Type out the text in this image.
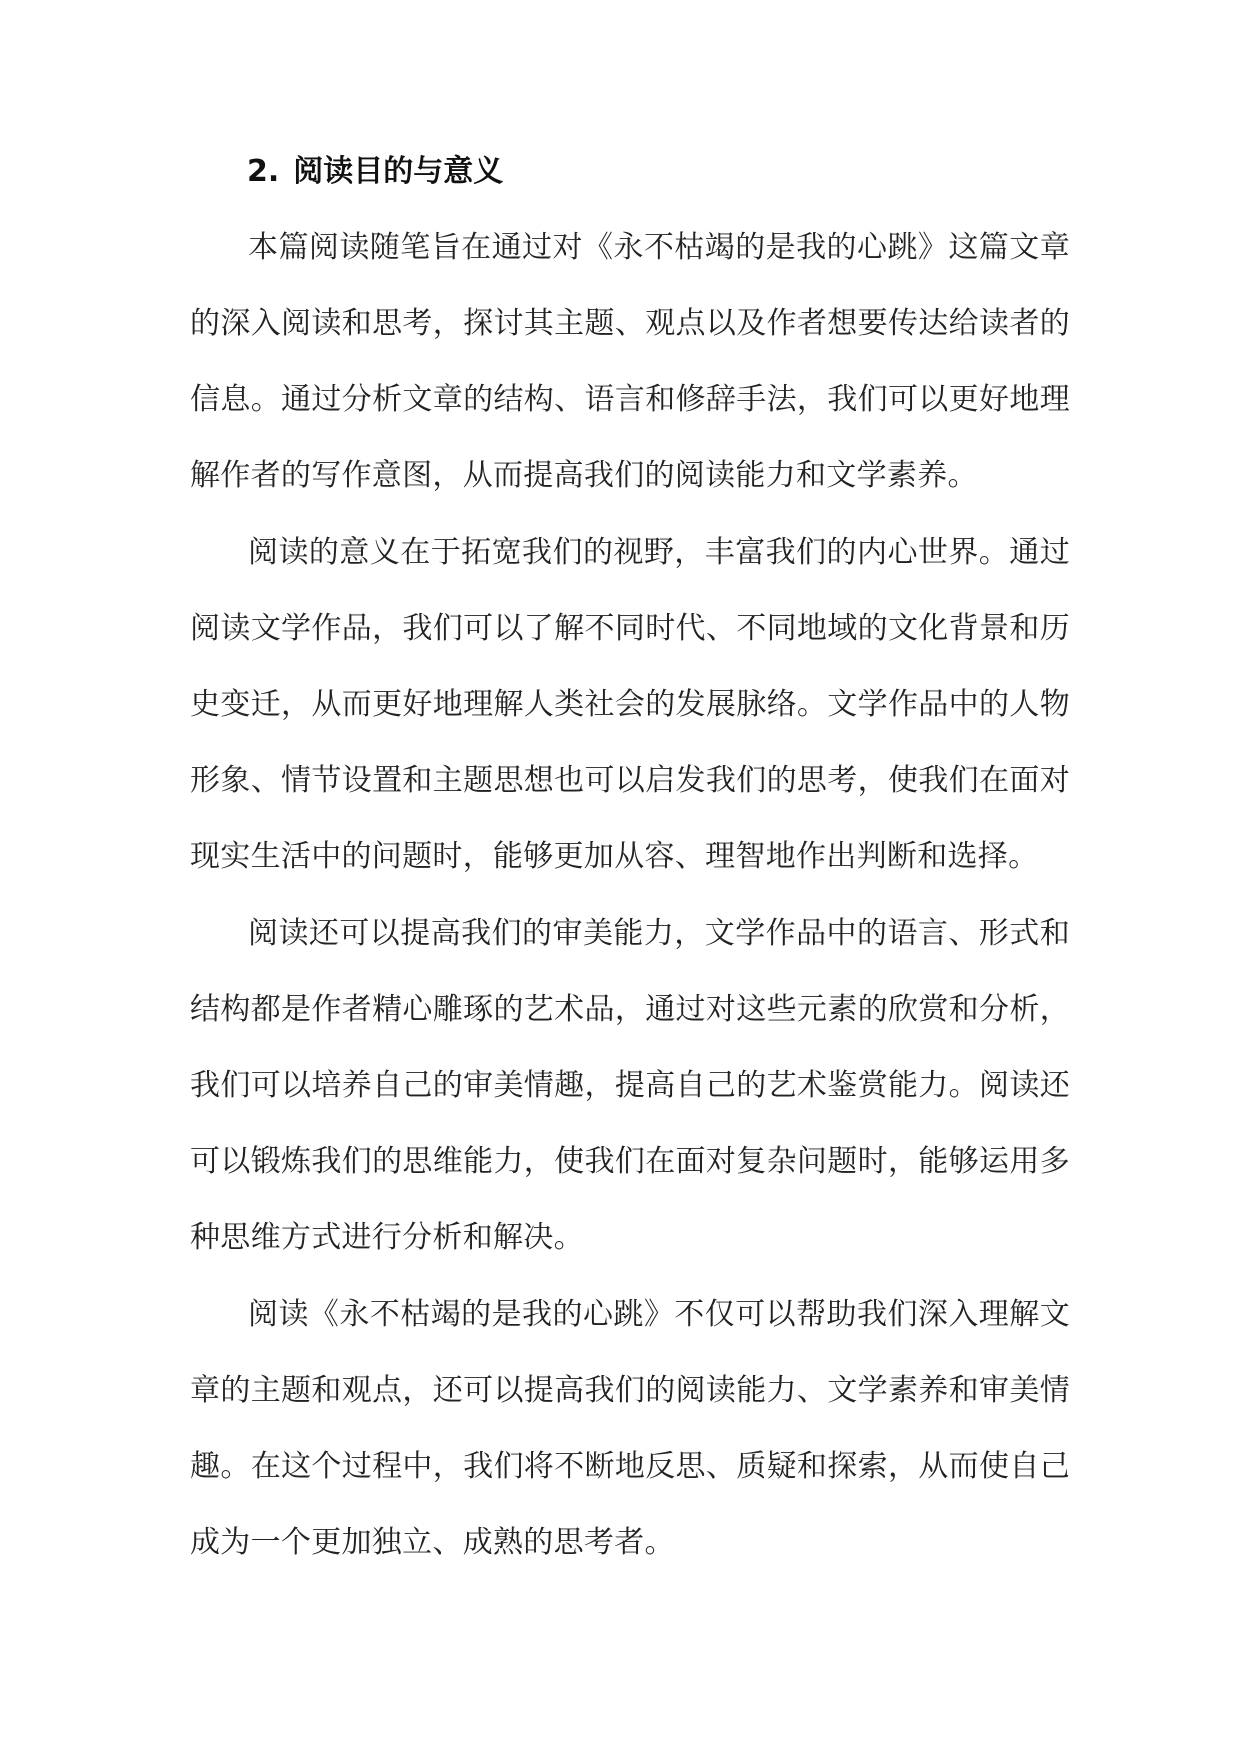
2. 阅读目的与意义

本篇阅读随笔旨在通过对《永不枯竭的是我的心跳》这篇文章的深入阅读和思考，探讨其主题、观点以及作者想要传达给读者的信息。通过分析文章的结构、语言和修辞手法，我们可以更好地理解作者的写作意图，从而提高我们的阅读能力和文学素养。

阅读的意义在于拓宽我们的视野，丰富我们的内心世界。通过阅读文学作品，我们可以了解不同时代、不同地域的文化背景和历史变迁，从而更好地理解人类社会的发展脉络。文学作品中的人物形象、情节设置和主题思想也可以启发我们的思考，使我们在面对现实生活中的问题时，能够更加从容、理智地作出判断和选择。

阅读还可以提高我们的审美能力，文学作品中的语言、形式和结构都是作者精心雕琢的艺术品，通过对这些元素的欣赏和分析，我们可以培养自己的审美情趣，提高自己的艺术鉴赏能力。阅读还可以锻炼我们的思维能力，使我们在面对复杂问题时，能够运用多种思维方式进行分析和解决。

阅读《永不枯竭的是我的心跳》不仅可以帮助我们深入理解文章的主题和观点，还可以提高我们的阅读能力、文学素养和审美情趣。在这个过程中，我们将不断地反思、质疑和探索，从而使自己成为一个更加独立、成熟的思考者。
